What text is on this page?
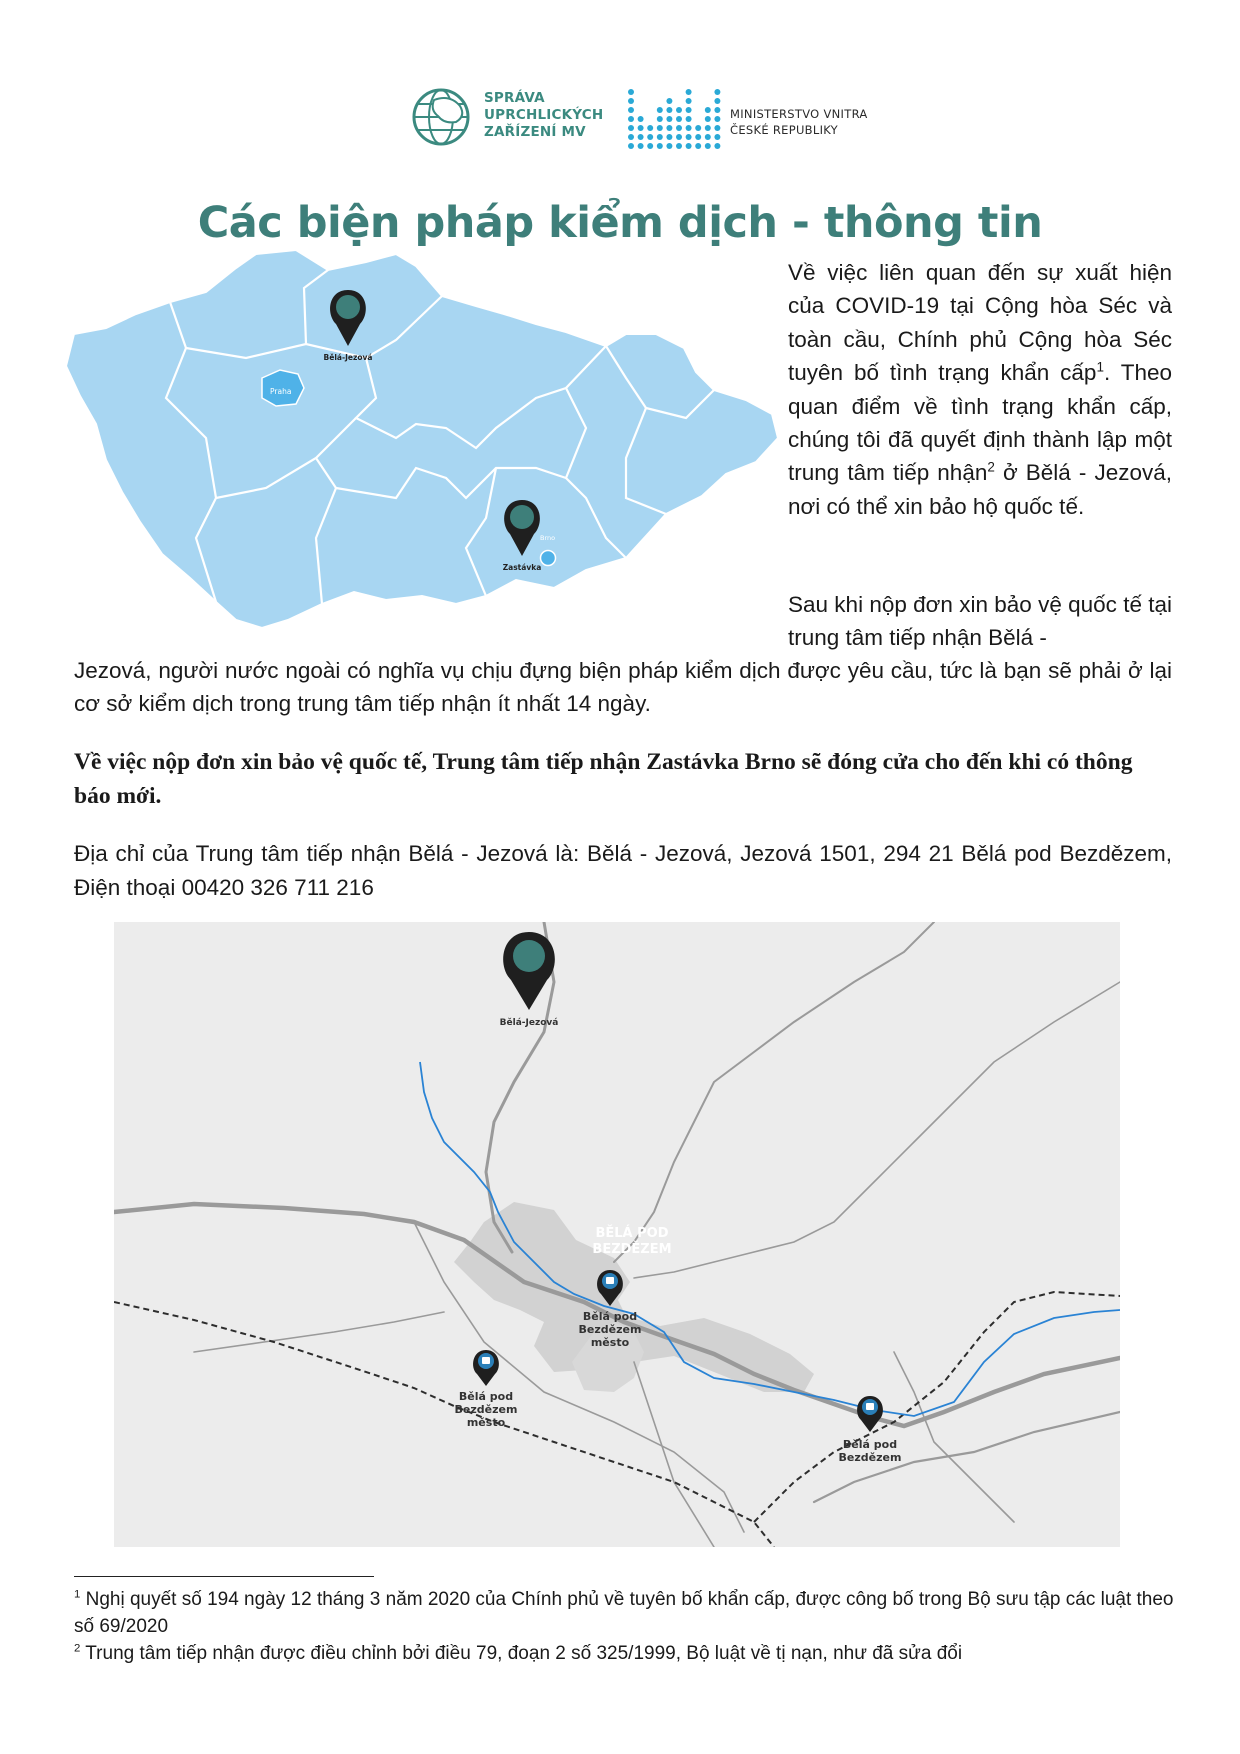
SPRÁVA
UPRCHLICKÝCH
ZAŘÍZENÍ MV
MINISTERSTVO VNITRA
ČESKÉ REPUBLIKY
Các biện pháp kiểm dịch - thông tin
Praha
Brno
Bělá-Jezová
Zastávka

Về việc liên quan đến sự xuất hiện của COVID-19 tại Cộng hòa Séc và toàn cầu, Chính phủ Cộng hòa Séc tuyên bố tình trạng khẩn cấp$^1$. Theo quan điểm về tình trạng khẩn cấp, chúng tôi đã quyết định thành lập một trung tâm tiếp nhận$^2$ ở Bělá - Jezová, nơi có thể xin bảo hộ quốc tế.

Sau khi nộp đơn xin bảo vệ quốc tế tại trung tâm tiếp nhận Bělá -

Jezová, người nước ngoài có nghĩa vụ chịu đựng biện pháp kiểm dịch được yêu cầu, tức là bạn sẽ phải ở lại cơ sở kiểm dịch trong trung tâm tiếp nhận ít nhất 14 ngày.

Về việc nộp đơn xin bảo vệ quốc tế, Trung tâm tiếp nhận Zastávka Brno sẽ đóng cửa cho đến khi có thông báo mới.

Địa chỉ của Trung tâm tiếp nhận Bělá - Jezová là: Bělá - Jezová, Jezová 1501, 294 21 Bělá pod Bezdězem, Điện thoại 00420 326 711 216

Bělá-Jezová
BĚLÁ POD
BEZDĚZEM
Bělá pod
Bezdězem
město
Bělá pod
Bezdězem
město
Bělá pod
Bezdězem

$^1$ Nghị quyết số 194 ngày 12 tháng 3 năm 2020 của Chính phủ về tuyên bố khẩn cấp, được công bố trong Bộ sưu tập các luật theo số 69/2020

$^2$ Trung tâm tiếp nhận được điều chỉnh bởi điều 79, đoạn 2 số 325/1999, Bộ luật về tị nạn, như đã sửa đổi
